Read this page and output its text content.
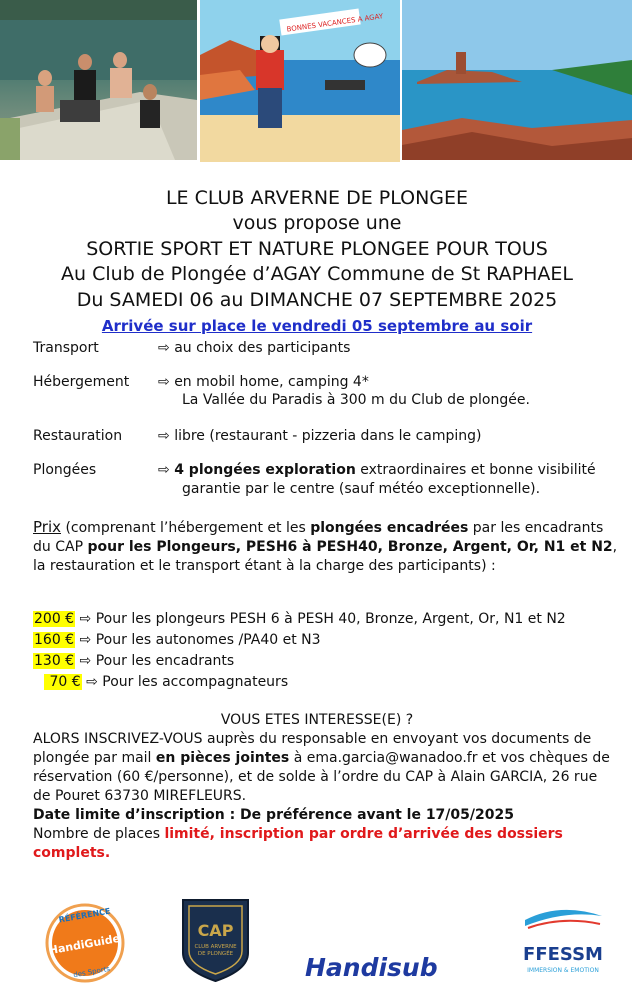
BONNES VACANCES A AGAY
LE CLUB ARVERNE DE PLONGEE
vous propose une
SORTIE SPORT ET NATURE PLONGEE POUR TOUS
Au Club de Plongée d’AGAY Commune de St RAPHAEL
Du SAMEDI 06 au DIMANCHE 07 SEPTEMBRE 2025
Arrivée sur place le vendredi 05 septembre au soir
Transport	⇨ au choix des participants
Hébergement ⇨ en mobil home, camping 4*
La Vallée du Paradis à 300 m du Club de plongée.
Restauration	⇨ libre (restaurant - pizzeria dans le camping)
Plongées	⇨ 4 plongées exploration extraordinaires et bonne visibilité
garantie par le centre (sauf météo exceptionnelle).
Prix (comprenant l’hébergement et les plongées encadrées par les encadrants du CAP pour les Plongeurs, PESH6 à PESH40, Bronze, Argent, Or, N1 et N2, la restauration et le transport étant à la charge des participants) :
200 € ⇨ Pour les plongeurs PESH 6 à PESH 40, Bronze, Argent, Or, N1 et N2
160 € ⇨ Pour les autonomes /PA40 et N3
130 € ⇨ Pour les encadrants
70 € ⇨ Pour les accompagnateurs
VOUS ETES INTERESSE(E) ?
ALORS INSCRIVEZ-VOUS auprès du responsable en envoyant vos documents de plongée par mail en pièces jointes à ema.garcia@wanadoo.fr et vos chèques de réservation (60 €/personne), et de solde à l’ordre du CAP à Alain GARCIA, 26 rue de Pouret 63730 MIREFLEURS.
Date limite d’inscription : De préférence avant le 17/05/2025
Nombre de places limité, inscription par ordre d’arrivée des dossiers complets.
RÉFÉRENCE
HandiGuide
des Sports
CAP
CLUB ARVERNE
DE PLONGÉE	Handisub	FFESSM
IMMERSION & EMOTION
